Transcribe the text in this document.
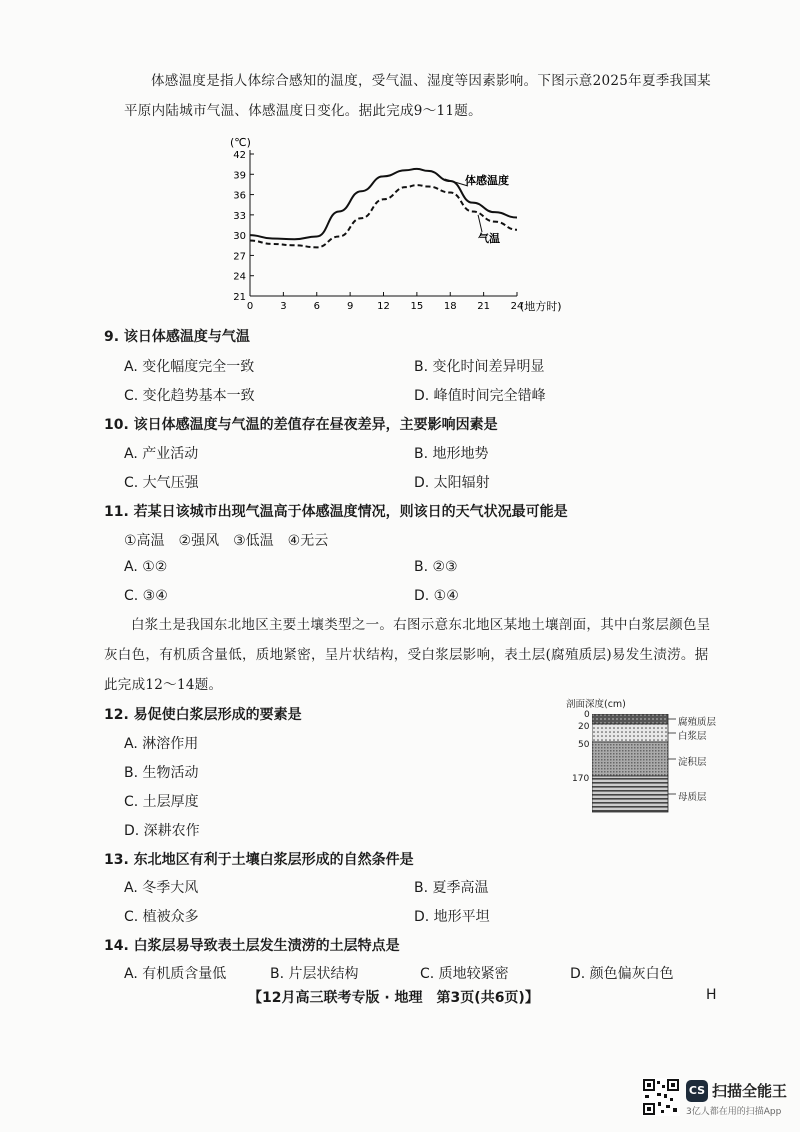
体感温度是指人体综合感知的温度，受气温、湿度等因素影响。下图示意2025年夏季我国某平原内陆城市气温、体感温度日变化。据此完成9～11题。
(℃)
21
24
27
30
33
36
39
42
0	3	6	9 12 15 18 21 24
(地方时)
体感温度
气温
9. 该日体感温度与气温
A. 变化幅度完全一致	B. 变化时间差异明显
C. 变化趋势基本一致	D. 峰值时间完全错峰
10. 该日体感温度与气温的差值存在昼夜差异，主要影响因素是
A. 产业活动	B. 地形地势
C. 大气压强	D. 太阳辐射
11. 若某日该城市出现气温高于体感温度情况，则该日的天气状况最可能是
①高温　②强风　③低温　④无云
A. ①②	B. ②③
C. ③④	D. ①④
白浆土是我国东北地区主要土壤类型之一。右图示意东北地区某地土壤剖面，其中白浆层颜色呈灰白色，有机质含量低，质地紧密，呈片状结构，受白浆层影响，表土层(腐殖质层)易发生渍涝。据此完成12～14题。
剖面深度(cm)
0
20
50
170
腐殖质层
白浆层
淀积层
母质层
12. 易促使白浆层形成的要素是
A. 淋溶作用
B. 生物活动
C. 土层厚度
D. 深耕农作
13. 东北地区有利于土壤白浆层形成的自然条件是
A. 冬季大风	B. 夏季高温
C. 植被众多	D. 地形平坦
14. 白浆层易导致表土层发生渍涝的土层特点是
A. 有机质含量低	B. 片层状结构	C. 质地较紧密	D. 颜色偏灰白色
【12月高三联考专版 · 地理　第3页(共6页)】	H
CS 扫描全能王
3亿人都在用的扫描App
